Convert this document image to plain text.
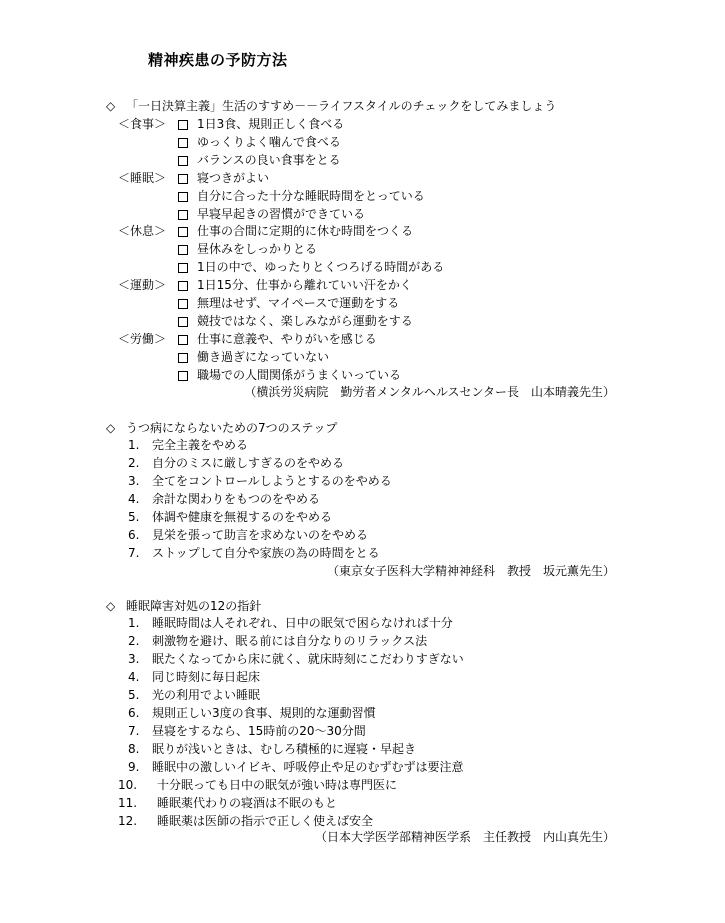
精神疾患の予防方法
◇ 「一日決算主義」生活のすすめ－－ライフスタイルのチェックをしてみましょう
＜食事＞	1日3食、規則正しく食べる
ゆっくりよく噛んで食べる
バランスの良い食事をとる
＜睡眠＞	寝つきがよい
自分に合った十分な睡眠時間をとっている
早寝早起きの習慣ができている
＜休息＞	仕事の合間に定期的に休む時間をつくる
昼休みをしっかりとる
1日の中で、ゆったりとくつろげる時間がある
＜運動＞	1日15分、仕事から離れていい汗をかく
無理はせず、マイペースで運動をする
競技ではなく、楽しみながら運動をする
＜労働＞	仕事に意義や、やりがいを感じる
働き過ぎになっていない
職場での人間関係がうまくいっている
（横浜労災病院　勤労者メンタルヘルスセンター長　山本晴義先生）
◇ うつ病にならないための7つのステップ
1. 完全主義をやめる
2. 自分のミスに厳しすぎるのをやめる
3. 全てをコントロールしようとするのをやめる
4. 余計な関わりをもつのをやめる
5. 体調や健康を無視するのをやめる
6. 見栄を張って助言を求めないのをやめる
7. ストップして自分や家族の為の時間をとる
（東京女子医科大学精神神経科　教授　坂元薫先生）
◇ 睡眠障害対処の12の指針
1. 睡眠時間は人それぞれ、日中の眠気で困らなければ十分
2. 刺激物を避け、眠る前には自分なりのリラックス法
3. 眠たくなってから床に就く、就床時刻にこだわりすぎない
4. 同じ時刻に毎日起床
5. 光の利用でよい睡眠
6. 規則正しい3度の食事、規則的な運動習慣
7. 昼寝をするなら、15時前の20～30分間
8. 眠りが浅いときは、むしろ積極的に遅寝・早起き
9. 睡眠中の激しいイビキ、呼吸停止や足のむずむずは要注意
10. 十分眠っても日中の眠気が強い時は専門医に
11. 睡眠薬代わりの寝酒は不眠のもと
12. 睡眠薬は医師の指示で正しく使えば安全
（日本大学医学部精神医学系　主任教授　内山真先生）
